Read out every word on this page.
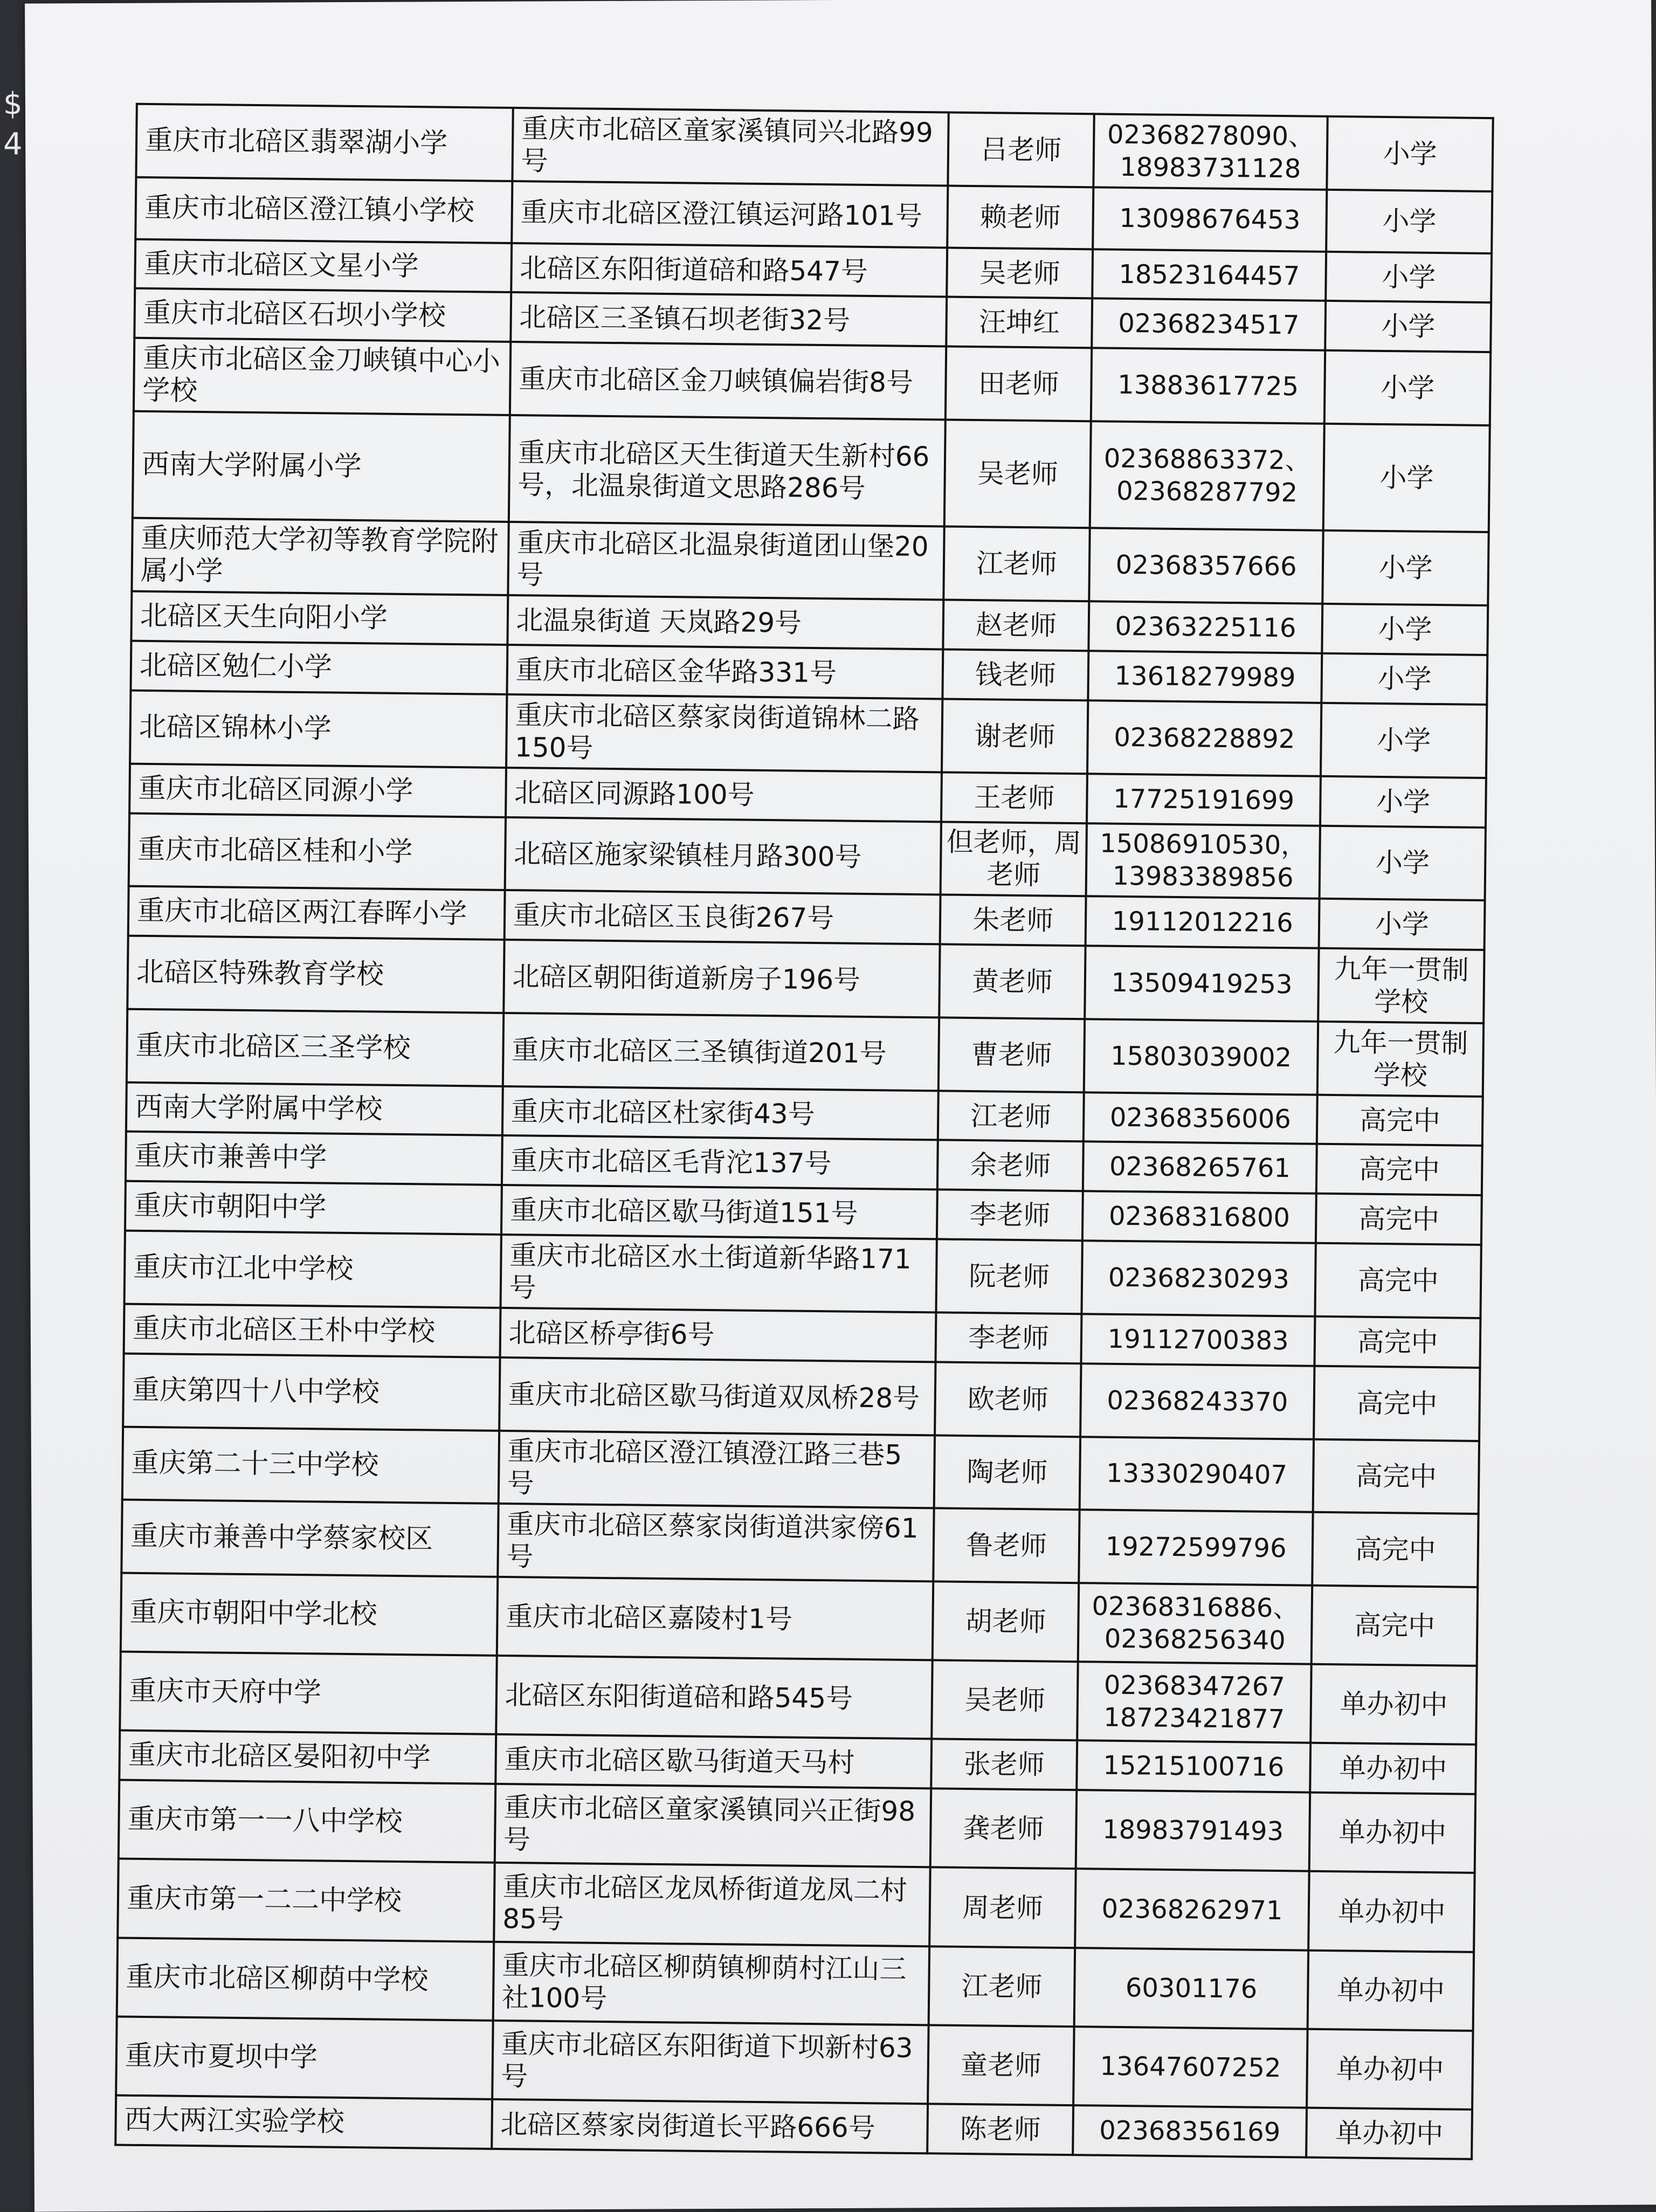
$
4	重庆市北碚区翡翠湖小学	重庆市北碚区童家溪镇同兴北路99号	吕老师	02368278090、
18983731128	小学
重庆市北碚区澄江镇小学校	重庆市北碚区澄江镇运河路101号	赖老师	13098676453	小学
重庆市北碚区文星小学	北碚区东阳街道碚和路547号	吴老师	18523164457	小学
重庆市北碚区石坝小学校	北碚区三圣镇石坝老街32号	汪坤红	02368234517	小学
重庆市北碚区金刀峡镇中心小学校	重庆市北碚区金刀峡镇偏岩街8号	田老师	13883617725	小学
西南大学附属小学	重庆市北碚区天生街道天生新村66号，北温泉街道文思路286号	吴老师	02368863372、
02368287792	小学
重庆师范大学初等教育学院附属小学	重庆市北碚区北温泉街道团山堡20号	江老师	02368357666	小学
北碚区天生向阳小学	北温泉街道 天岚路29号	赵老师	02363225116	小学
北碚区勉仁小学	重庆市北碚区金华路331号	钱老师	13618279989	小学
北碚区锦林小学	重庆市北碚区蔡家岗街道锦林二路150号	谢老师	02368228892	小学
重庆市北碚区同源小学	北碚区同源路100号	王老师	17725191699	小学
重庆市北碚区桂和小学	北碚区施家梁镇桂月路300号	但老师，周老师	15086910530，
13983389856	小学
重庆市北碚区两江春晖小学	重庆市北碚区玉良街267号	朱老师	19112012216	小学
北碚区特殊教育学校	北碚区朝阳街道新房子196号	黄老师	13509419253	九年一贯制学校
重庆市北碚区三圣学校	重庆市北碚区三圣镇街道201号	曹老师	15803039002	九年一贯制学校
西南大学附属中学校	重庆市北碚区杜家街43号	江老师	02368356006	高完中
重庆市兼善中学	重庆市北碚区毛背沱137号	余老师	02368265761	高完中
重庆市朝阳中学	重庆市北碚区歇马街道151号	李老师	02368316800	高完中
重庆市江北中学校	重庆市北碚区水土街道新华路171号	阮老师	02368230293	高完中
重庆市北碚区王朴中学校	北碚区桥亭街6号	李老师	19112700383	高完中
重庆第四十八中学校	重庆市北碚区歇马街道双凤桥28号	欧老师	02368243370	高完中
重庆第二十三中学校	重庆市北碚区澄江镇澄江路三巷5号	陶老师	13330290407	高完中
重庆市兼善中学蔡家校区	重庆市北碚区蔡家岗街道洪家傍61号	鲁老师	19272599796	高完中
重庆市朝阳中学北校	重庆市北碚区嘉陵村1号	胡老师	02368316886、
02368256340	高完中
重庆市天府中学	北碚区东阳街道碚和路545号	吴老师	02368347267
18723421877	单办初中
重庆市北碚区晏阳初中学	重庆市北碚区歇马街道天马村	张老师	15215100716	单办初中
重庆市第一一八中学校	重庆市北碚区童家溪镇同兴正街98号	龚老师	18983791493	单办初中
重庆市第一二二中学校	重庆市北碚区龙凤桥街道龙凤二村85号	周老师	02368262971	单办初中
重庆市北碚区柳荫中学校	重庆市北碚区柳荫镇柳荫村江山三社100号	江老师	60301176	单办初中
重庆市夏坝中学	重庆市北碚区东阳街道下坝新村63号	童老师	13647607252	单办初中
西大两江实验学校	北碚区蔡家岗街道长平路666号	陈老师	02368356169	单办初中
